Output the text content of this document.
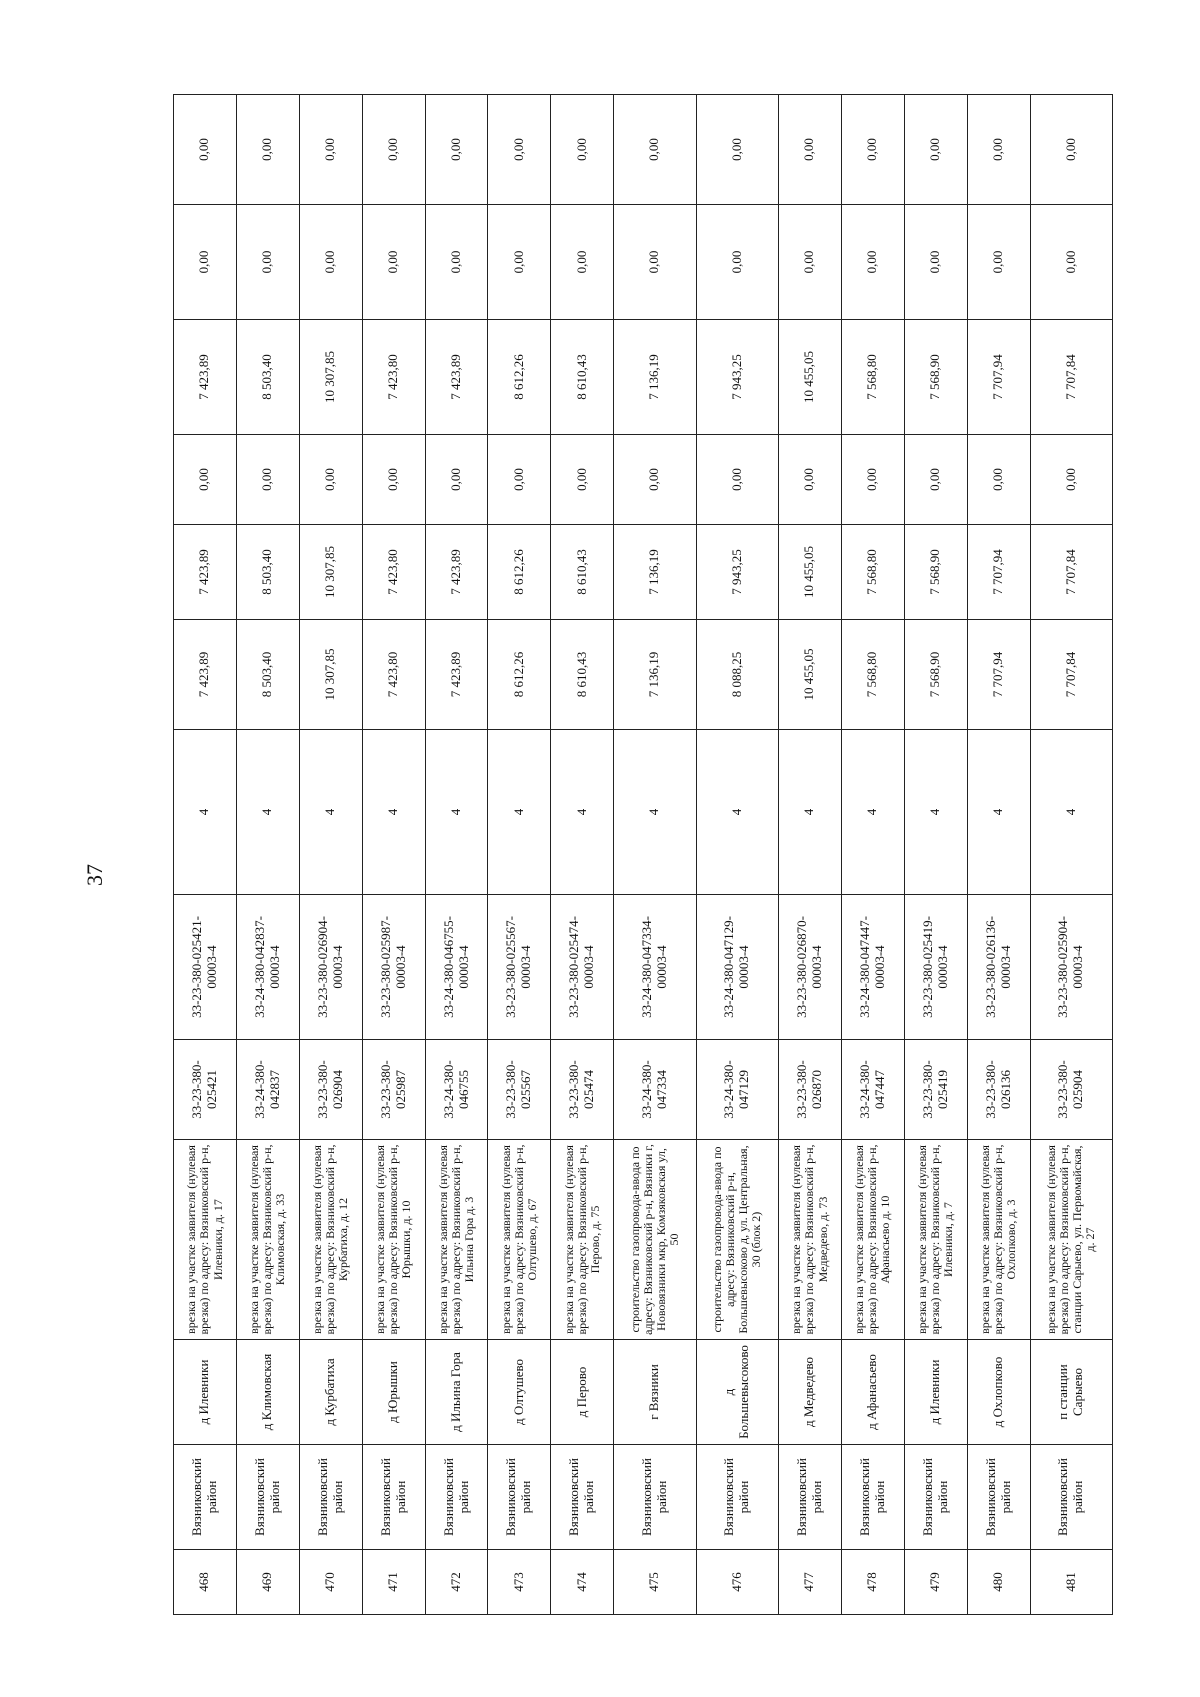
37
468	Вязниковский район	д Илевники	врезка на участке заявителя (нулевая врезка) по адресу: Вязниковский р-н, Илевники, д. 17	33-23-380-025421	33-23-380-025421-00003-4	4	7 423,89	7 423,89	0,00	7 423,89	0,00	0,00
469	Вязниковский район	д Климовская	врезка на участке заявителя (нулевая врезка) по адресу: Вязниковский р-н, Климовская, д. 33	33-24-380-042837	33-24-380-042837-00003-4	4	8 503,40	8 503,40	0,00	8 503,40	0,00	0,00
470	Вязниковский район	д Курбатиха	врезка на участке заявителя (нулевая врезка) по адресу: Вязниковский р-н, Курбатиха, д. 12	33-23-380-026904	33-23-380-026904-00003-4	4	10 307,85	10 307,85	0,00	10 307,85	0,00	0,00
471	Вязниковский район	д Юрышки	врезка на участке заявителя (нулевая врезка) по адресу: Вязниковский р-н, Юрышки, д. 10	33-23-380-025987	33-23-380-025987-00003-4	4	7 423,80	7 423,80	0,00	7 423,80	0,00	0,00
472	Вязниковский район	д Ильина Гора	врезка на участке заявителя (нулевая врезка) по адресу: Вязниковский р-н, Ильина Гора д. 3	33-24-380-046755	33-24-380-046755-00003-4	4	7 423,89	7 423,89	0,00	7 423,89	0,00	0,00
473	Вязниковский район	д Олтушево	врезка на участке заявителя (нулевая врезка) по адресу: Вязниковский р-н, Олтушево, д. 67	33-23-380-025567	33-23-380-025567-00003-4	4	8 612,26	8 612,26	0,00	8 612,26	0,00	0,00
474	Вязниковский район	д Перово	врезка на участке заявителя (нулевая врезка) по адресу: Вязниковский р-н, Перово, д. 75	33-23-380-025474	33-23-380-025474-00003-4	4	8 610,43	8 610,43	0,00	8 610,43	0,00	0,00
475	Вязниковский район	г Вязники	строительство газопровода-ввода по адресу: Вязниковский р-н, Вязники г, Нововязники мкр, Комзяковская ул, 50	33-24-380-047334	33-24-380-047334-00003-4	4	7 136,19	7 136,19	0,00	7 136,19	0,00	0,00
476	Вязниковский район	д Большевысоково	строительство газопровода-ввода по адресу: Вязниковский р-н, Большевысоково д, ул. Центральная, 30 (блок 2)	33-24-380-047129	33-24-380-047129-00003-4	4	8 088,25	7 943,25	0,00	7 943,25	0,00	0,00
477	Вязниковский район	д Медведево	врезка на участке заявителя (нулевая врезка) по адресу: Вязниковский р-н, Медведево, д. 73	33-23-380-026870	33-23-380-026870-00003-4	4	10 455,05	10 455,05	0,00	10 455,05	0,00	0,00
478	Вязниковский район	д Афанасьево	врезка на участке заявителя (нулевая врезка) по адресу: Вязниковский р-н, Афанасьево д. 10	33-24-380-047447	33-24-380-047447-00003-4	4	7 568,80	7 568,80	0,00	7 568,80	0,00	0,00
479	Вязниковский район	д Илевники	врезка на участке заявителя (нулевая врезка) по адресу: Вязниковский р-н, Илевники, д. 7	33-23-380-025419	33-23-380-025419-00003-4	4	7 568,90	7 568,90	0,00	7 568,90	0,00	0,00
480	Вязниковский район	д Охлопково	врезка на участке заявителя (нулевая врезка) по адресу: Вязниковский р-н, Охлопково, д. 3	33-23-380-026136	33-23-380-026136-00003-4	4	7 707,94	7 707,94	0,00	7 707,94	0,00	0,00
481	Вязниковский район	п станции Сарыево	врезка на участке заявителя (нулевая врезка) по адресу: Вязниковский р-н, станции Сарыево, ул. Первомайская, д. 27	33-23-380-025904	33-23-380-025904-00003-4	4	7 707,84	7 707,84	0,00	7 707,84	0,00	0,00
